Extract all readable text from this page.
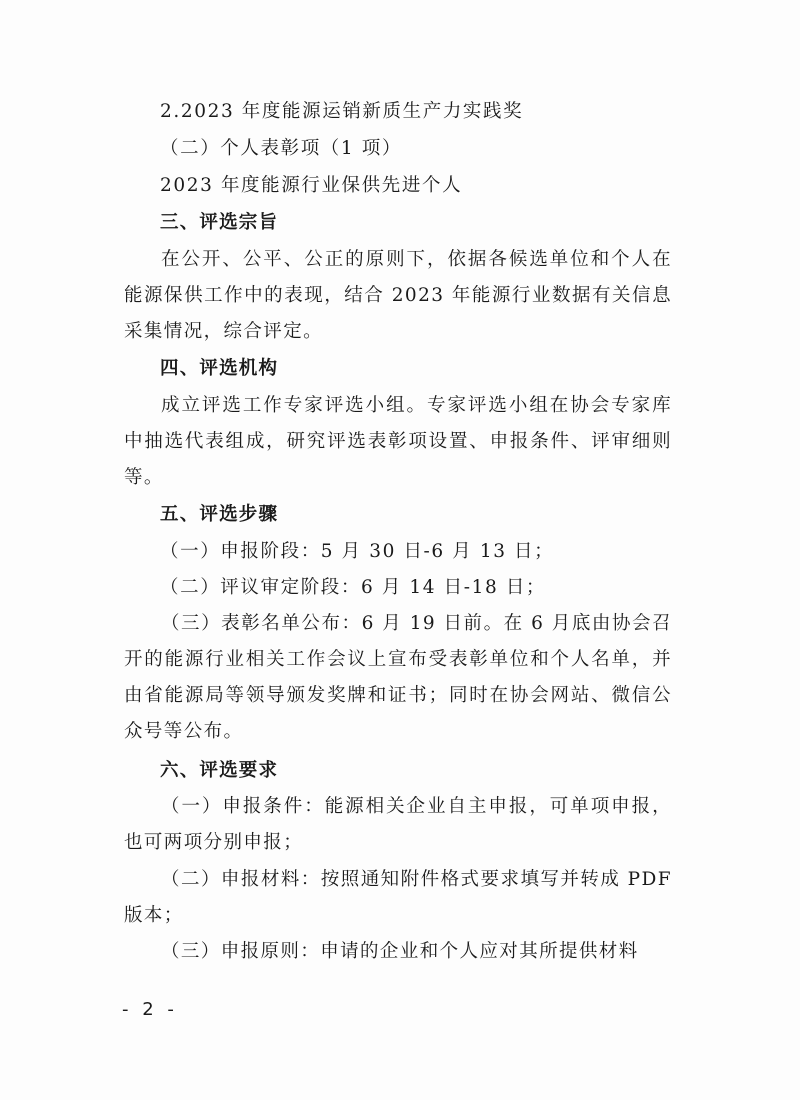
2.2023 年度能源运销新质生产力实践奖
（二）个人表彰项（1 项）
2023 年度能源行业保供先进个人
三、评选宗旨
在公开、公平、公正的原则下，依据各候选单位和个人在能源保供工作中的表现，结合 2023 年能源行业数据有关信息采集情况，综合评定。
四、评选机构
成立评选工作专家评选小组。专家评选小组在协会专家库中抽选代表组成，研究评选表彰项设置、申报条件、评审细则等。
五、评选步骤
（一）申报阶段：5 月 30 日-6 月 13 日；
（二）评议审定阶段：6 月 14 日-18 日；
（三）表彰名单公布：6 月 19 日前。在 6 月底由协会召开的能源行业相关工作会议上宣布受表彰单位和个人名单，并由省能源局等领导颁发奖牌和证书；同时在协会网站、微信公众号等公布。
六、评选要求
（一）申报条件：能源相关企业自主申报，可单项申报，也可两项分别申报；
（二）申报材料：按照通知附件格式要求填写并转成 PDF 版本；
（三）申报原则：申请的企业和个人应对其所提供材料
- 2 -
